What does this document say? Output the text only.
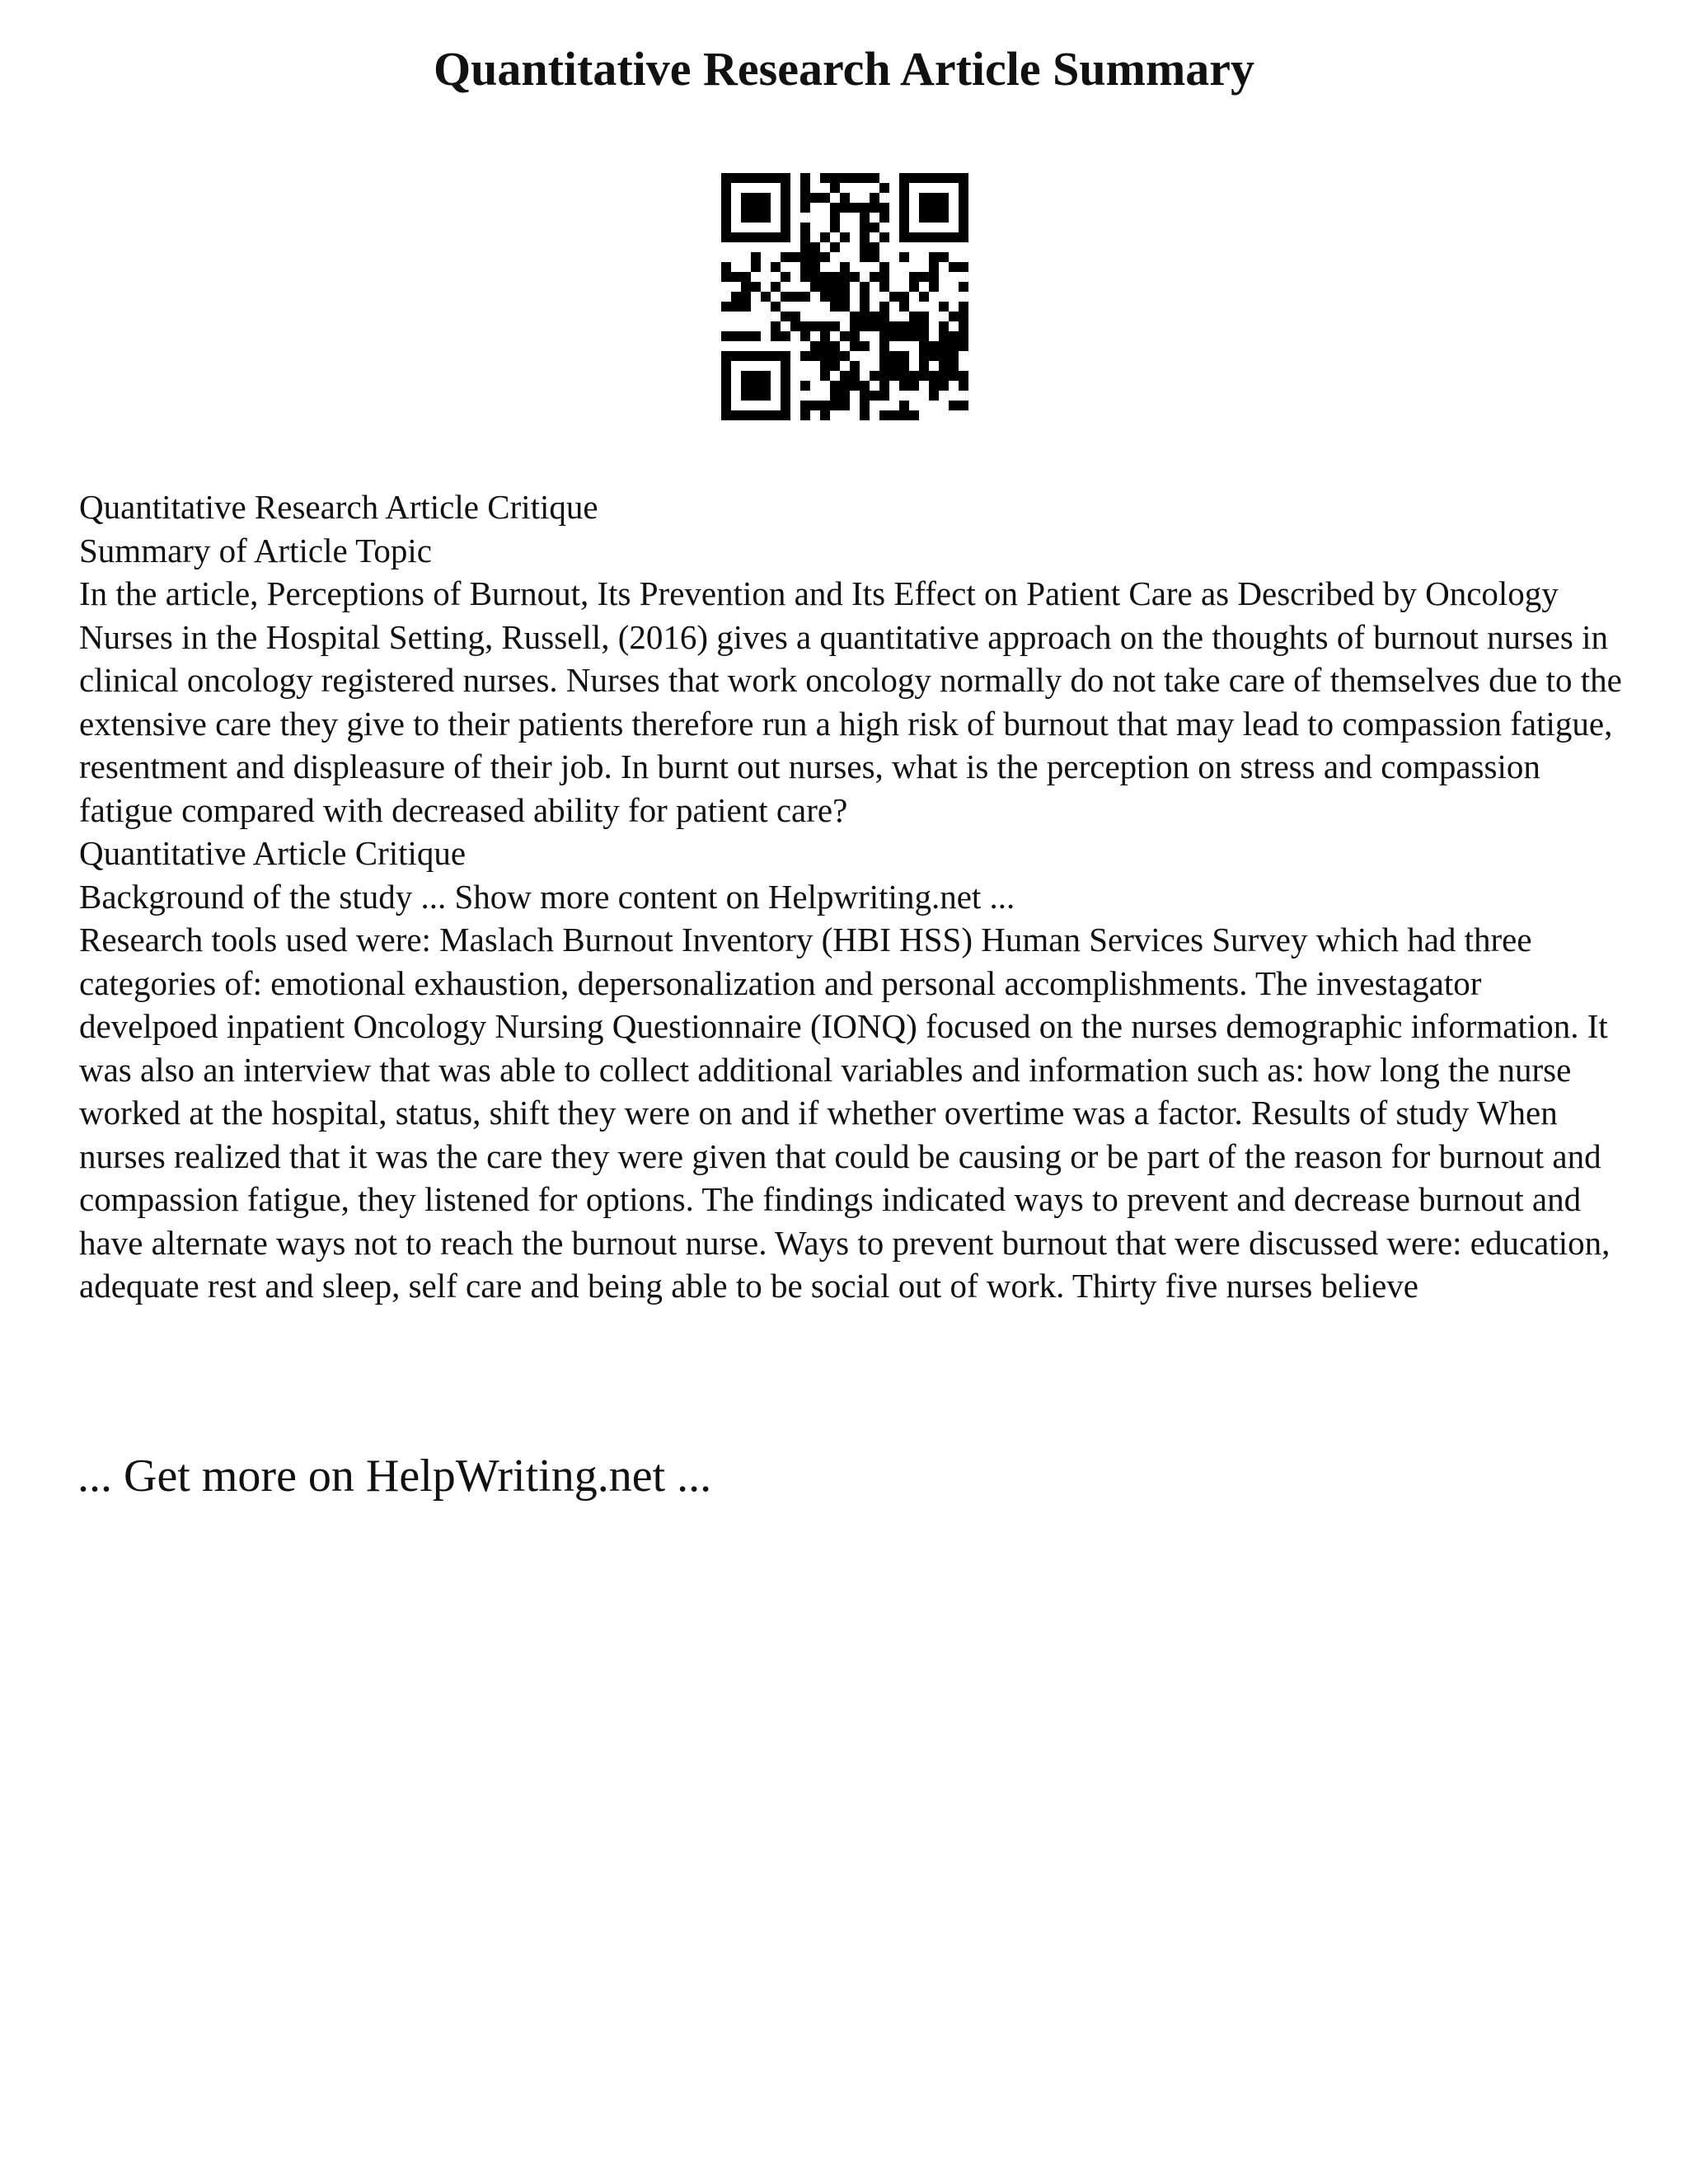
Quantitative Research Article Summary

Quantitative Research Article Critique

Summary of Article Topic

In the article, Perceptions of Burnout, Its Prevention and Its Effect on Patient Care as Described by Oncology Nurses in the Hospital Setting, Russell, (2016) gives a quantitative approach on the thoughts of burnout nurses in clinical oncology registered nurses. Nurses that work oncology normally do not take care of themselves due to the extensive care they give to their patients therefore run a high risk of burnout that may lead to compassion fatigue, resentment and displeasure of their job. In burnt out nurses, what is the perception on stress and compassion fatigue compared with decreased ability for patient care?

Quantitative Article Critique

Background of the study ... Show more content on Helpwriting.net ...

Research tools used were: Maslach Burnout Inventory (HBI HSS) Human Services Survey which had three categories of: emotional exhaustion, depersonalization and personal accomplishments. The investagator develpoed inpatient Oncology Nursing Questionnaire (IONQ) focused on the nurses demographic information. It was also an interview that was able to collect additional variables and information such as: how long the nurse worked at the hospital, status, shift they were on and if whether overtime was a factor. Results of study When nurses realized that it was the care they were given that could be causing or be part of the reason for burnout and compassion fatigue, they listened for options. The findings indicated ways to prevent and decrease burnout and have alternate ways not to reach the burnout nurse. Ways to prevent burnout that were discussed were: education, adequate rest and sleep, self care and being able to be social out of work. Thirty five nurses believe

... Get more on HelpWriting.net ...
